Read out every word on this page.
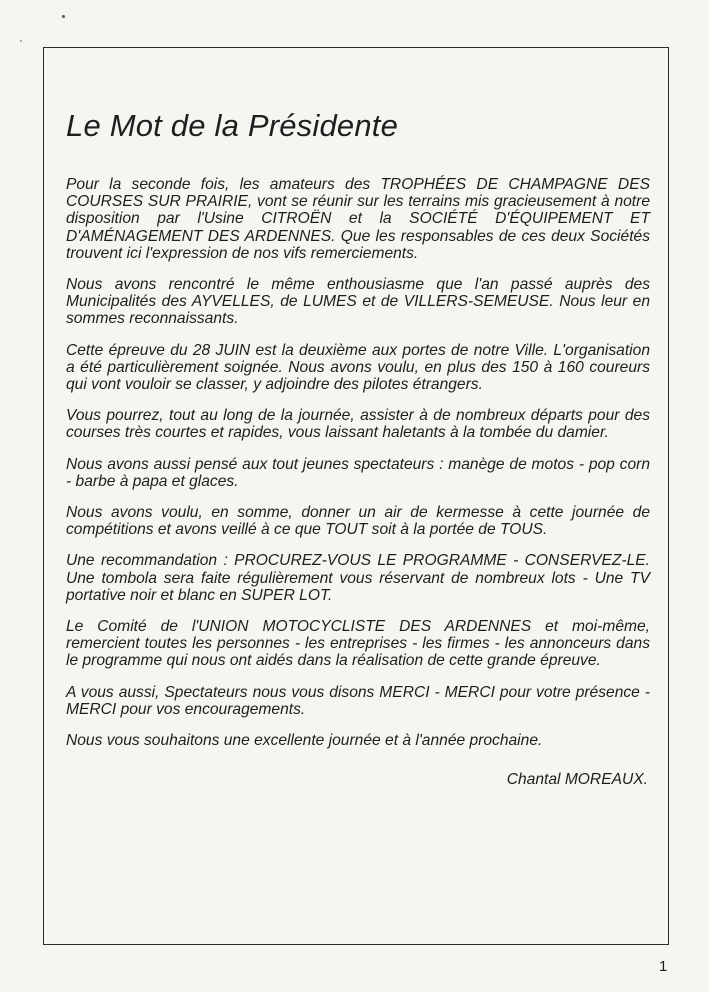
Le Mot de la Présidente

Pour la seconde fois, les amateurs des TROPHÉES DE CHAMPAGNE DES COURSES SUR PRAIRIE, vont se réunir sur les terrains mis gracieusement à notre disposition par l'Usine CITROËN et la SOCIÉTÉ D'ÉQUIPEMENT ET D'AMÉNAGEMENT DES ARDENNES. Que les responsables de ces deux Sociétés trouvent ici l'expression de nos vifs remerciements.

Nous avons rencontré le même enthousiasme que l'an passé auprès des Municipalités des AYVELLES, de LUMES et de VILLERS-SEMEUSE. Nous leur en sommes reconnaissants.

Cette épreuve du 28 JUIN est la deuxième aux portes de notre Ville. L'organisation a été particulièrement soignée. Nous avons voulu, en plus des 150 à 160 coureurs qui vont vouloir se classer, y adjoindre des pilotes étrangers.

Vous pourrez, tout au long de la journée, assister à de nombreux départs pour des courses très courtes et rapides, vous laissant haletants à la tombée du damier.

Nous avons aussi pensé aux tout jeunes spectateurs : manège de motos - pop corn - barbe à papa et glaces.

Nous avons voulu, en somme, donner un air de kermesse à cette journée de compétitions et avons veillé à ce que TOUT soit à la portée de TOUS.

Une recommandation : PROCUREZ-VOUS LE PROGRAMME - CONSERVEZ-LE. Une tombola sera faite régulièrement vous réservant de nombreux lots - Une TV portative noir et blanc en SUPER LOT.

Le Comité de l'UNION MOTOCYCLISTE DES ARDENNES et moi-même, remercient toutes les personnes - les entreprises - les firmes - les annonceurs dans le programme qui nous ont aidés dans la réalisation de cette grande épreuve.

A vous aussi, Spectateurs nous vous disons MERCI - MERCI pour votre présence - MERCI pour vos encouragements.

Nous vous souhaitons une excellente journée et à l'année prochaine.

Chantal MOREAUX.

1
